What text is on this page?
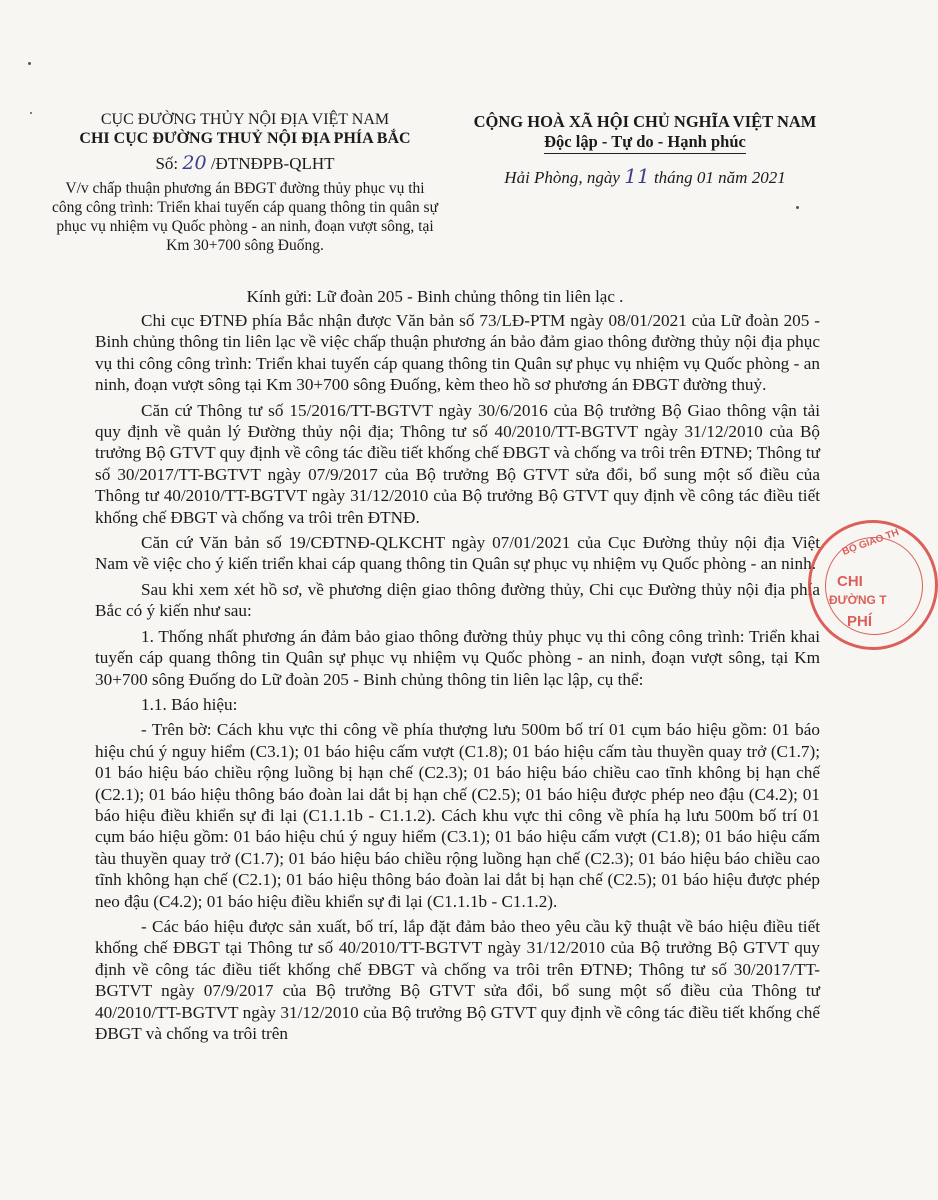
CỤC ĐƯỜNG THỦY NỘI ĐỊA VIỆT NAM
CHI CỤC ĐƯỜNG THUỶ NỘI ĐỊA PHÍA BẮC
Số: 20 /ĐTNĐPB-QLHT
V/v chấp thuận phương án BĐGT đường thủy phục vụ thi công công trình: Triển khai tuyến cáp quang thông tin quân sự phục vụ nhiệm vụ Quốc phòng - an ninh, đoạn vượt sông, tại Km 30+700 sông Đuống.
CỘNG HOÀ XÃ HỘI CHỦ NGHĨA VIỆT NAM
Độc lập - Tự do - Hạnh phúc
Hải Phòng, ngày 11 tháng 01 năm 2021
Kính gửi: Lữ đoàn 205 - Binh chủng thông tin liên lạc .

Chi cục ĐTNĐ phía Bắc nhận được Văn bản số 73/LĐ-PTM ngày 08/01/2021 của Lữ đoàn 205 - Binh chủng thông tin liên lạc về việc chấp thuận phương án bảo đảm giao thông đường thủy nội địa phục vụ thi công công trình: Triển khai tuyến cáp quang thông tin Quân sự phục vụ nhiệm vụ Quốc phòng - an ninh, đoạn vượt sông tại Km 30+700 sông Đuống, kèm theo hồ sơ phương án ĐBGT đường thuỷ.

Căn cứ Thông tư số 15/2016/TT-BGTVT ngày 30/6/2016 của Bộ trưởng Bộ Giao thông vận tải quy định về quản lý Đường thủy nội địa; Thông tư số 40/2010/TT-BGTVT ngày 31/12/2010 của Bộ trưởng Bộ GTVT quy định về công tác điều tiết khống chế ĐBGT và chống va trôi trên ĐTNĐ; Thông tư số 30/2017/TT-BGTVT ngày 07/9/2017 của Bộ trưởng Bộ GTVT sửa đổi, bổ sung một số điều của Thông tư 40/2010/TT-BGTVT ngày 31/12/2010 của Bộ trưởng Bộ GTVT quy định về công tác điều tiết khống chế ĐBGT và chống va trôi trên ĐTNĐ.

Căn cứ Văn bản số 19/CĐTNĐ-QLKCHT ngày 07/01/2021 của Cục Đường thủy nội địa Việt Nam về việc cho ý kiến triển khai cáp quang thông tin Quân sự phục vụ nhiệm vụ Quốc phòng - an ninh.

Sau khi xem xét hồ sơ, về phương diện giao thông đường thủy, Chi cục Đường thủy nội địa phía Bắc có ý kiến như sau:

1. Thống nhất phương án đảm bảo giao thông đường thủy phục vụ thi công công trình: Triển khai tuyến cáp quang thông tin Quân sự phục vụ nhiệm vụ Quốc phòng - an ninh, đoạn vượt sông, tại Km 30+700 sông Đuống do Lữ đoàn 205 - Binh chủng thông tin liên lạc lập, cụ thể:

1.1. Báo hiệu:

- Trên bờ: Cách khu vực thi công về phía thượng lưu 500m bố trí 01 cụm báo hiệu gồm: 01 báo hiệu chú ý nguy hiểm (C3.1); 01 báo hiệu cấm vượt (C1.8); 01 báo hiệu cấm tàu thuyền quay trở (C1.7); 01 báo hiệu báo chiều rộng luồng bị hạn chế (C2.3); 01 báo hiệu báo chiều cao tĩnh không bị hạn chế (C2.1); 01 báo hiệu thông báo đoàn lai dắt bị hạn chế (C2.5); 01 báo hiệu được phép neo đậu (C4.2); 01 báo hiệu điều khiển sự đi lại (C1.1.1b - C1.1.2). Cách khu vực thi công về phía hạ lưu 500m bố trí 01 cụm báo hiệu gồm: 01 báo hiệu chú ý nguy hiểm (C3.1); 01 báo hiệu cấm vượt (C1.8); 01 báo hiệu cấm tàu thuyền quay trở (C1.7); 01 báo hiệu báo chiều rộng luồng hạn chế (C2.3); 01 báo hiệu báo chiều cao tĩnh không hạn chế (C2.1); 01 báo hiệu thông báo đoàn lai dắt bị hạn chế (C2.5); 01 báo hiệu được phép neo đậu (C4.2); 01 báo hiệu điều khiển sự đi lại (C1.1.1b - C1.1.2).

- Các báo hiệu được sản xuất, bố trí, lắp đặt đảm bảo theo yêu cầu kỹ thuật về báo hiệu điều tiết khống chế ĐBGT tại Thông tư số 40/2010/TT-BGTVT ngày 31/12/2010 của Bộ trưởng Bộ GTVT quy định về công tác điều tiết khống chế ĐBGT và chống va trôi trên ĐTNĐ; Thông tư số 30/2017/TT-BGTVT ngày 07/9/2017 của Bộ trưởng Bộ GTVT sửa đổi, bổ sung một số điều của Thông tư 40/2010/TT-BGTVT ngày 31/12/2010 của Bộ trưởng Bộ GTVT quy định về công tác điều tiết khống chế ĐBGT và chống va trôi trên

BỘ GIAO TH
CHI
ĐƯỜNG T
PHÍ
